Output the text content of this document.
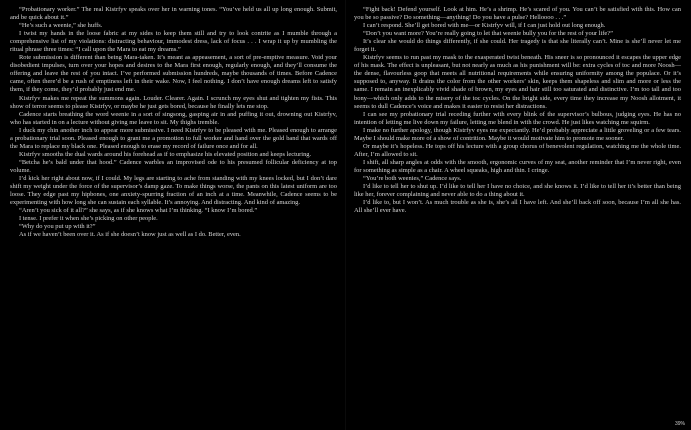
“Probationary worker.” The real Kistrfyv speaks over her in warning tones. “You’ve held us all up long enough. Submit, and be quick about it.”

“He’s such a weenie,” she huffs.

I twist my hands in the loose fabric at my sides to keep them still and try to look contrite as I mumble through a comprehensive list of my violations: distracting behaviour, immodest dress, lack of focus . . . I wrap it up by mumbling the ritual phrase three times: “I call upon the Mara to eat my dreams.”

Rote submission is different than being Mara-taken. It’s meant as appeasement, a sort of pre-emptive measure. Void your disobedient impulses, turn over your hopes and desires to the Mara first enough, regularly enough, and they’ll consume the offering and leave the rest of you intact. I’ve performed submission hundreds, maybe thousands of times. Before Cadence came, often there’d be a rush of emptiness left in their wake. Now, I feel nothing. I don’t have enough dreams left to satisfy them, if they come, they’d probably just end me.

Kistrfyv makes me repeat the summons again. Louder. Clearer. Again. I scrunch my eyes shut and tighten my fists. This show of terror seems to please Kistrfyv, or maybe he just gets bored, because he finally lets me stop.

Cadence starts breathing the word weenie in a sort of singsong, gasping air in and puffing it out, drowning out Kistrfyv, who has started in on a lecture without giving me leave to sit. My thighs tremble.

I duck my chin another inch to appear more submissive. I need Kistrfyv to be pleased with me. Pleased enough to arrange a probationary trial soon. Pleased enough to grant me a promotion to full worker and hand over the gold band that wards off the Mara to replace my black one. Pleased enough to erase my record of failure once and for all.

Kistrfyv smooths the dual wards around his forehead as if to emphasize his elevated position and keeps lecturing.

“Betcha he’s bald under that hood.” Cadence warbles an improvised ode to his presumed follicular deficiency at top volume.

I’d kick her right about now, if I could. My legs are starting to ache from standing with my knees locked, but I don’t dare shift my weight under the force of the supervisor’s damp gaze. To make things worse, the pants on this latest uniform are too loose. They edge past my hipbones, one anxiety-spurring fraction of an inch at a time. Meanwhile, Cadence seems to be experimenting with how long she can sustain each syllable. It’s annoying. And distracting. And kind of amazing.

“Aren’t you sick of it all?” she says, as if she knows what I’m thinking. “I know I’m bored.”

I tense. I prefer it when she’s picking on other people.

“Why do you put up with it?”

As if we haven’t been over it. As if she doesn’t know just as well as I do. Better, even.

“Fight back! Defend yourself. Look at him. He’s a shrimp. He’s scared of you. You can’t be satisfied with this. How can you be so passive? Do something—anything! Do you have a pulse? Helloooo . . .”

I can’t respond. She’ll get bored with me—or Kistrfyv will, if I can just hold out long enough.

“Don’t you want more? You’re really going to let that weenie bully you for the rest of your life?”

It’s clear she would do things differently, if she could. Her tragedy is that she literally can’t. Mine is she’ll never let me forget it.

Kistrfyv seems to run past my mask to the exasperated twist beneath. His sneer is so pronounced it escapes the upper edge of his mask. The effect is unpleasant, but not nearly as much as his punishment will be: extra cycles of toc and more Noosh—the dense, flavourless goop that meets all nutritional requirements while ensuring uniformity among the populace. Or it’s supposed to, anyway. It drains the color from the other workers’ skin, keeps them shapeless and slim and more or less the same. I remain an inexplicably vivid shade of brown, my eyes and hair still too saturated and distinctive. I’m too tall and too bony—which only adds to the misery of the toc cycles. On the bright side, every time they increase my Noosh allotment, it seems to dull Cadence’s voice and makes it easier to resist her distractions.

I can see my probationary trial receding further with every blink of the supervisor’s bulbous, judging eyes. He has no intention of letting me live down my failure, letting me blend in with the crowd. He just likes watching me squirm.

I make no further apology, though Kistrfyv eyes me expectantly. He’d probably appreciate a little groveling or a few tears. Maybe I should make more of a show of contrition. Maybe it would motivate him to promote me sooner.

Or maybe it’s hopeless. He tops off his lecture with a group chorus of benevolent regulation, watching me the whole time. After, I’m allowed to sit.

I shift, all sharp angles at odds with the smooth, ergonomic curves of my seat, another reminder that I’m never right, even for something as simple as a chair. A wheel squeaks, high and thin. I cringe.

“You’re both weenies,” Cadence says.

I’d like to tell her to shut up. I’d like to tell her I have no choice, and she knows it. I’d like to tell her it’s better than being like her, forever complaining and never able to do a thing about it.

I’d like to, but I won’t. As much trouble as she is, she’s all I have left. And she’ll back off soon, because I’m all she has. All she’ll ever have.

39%
